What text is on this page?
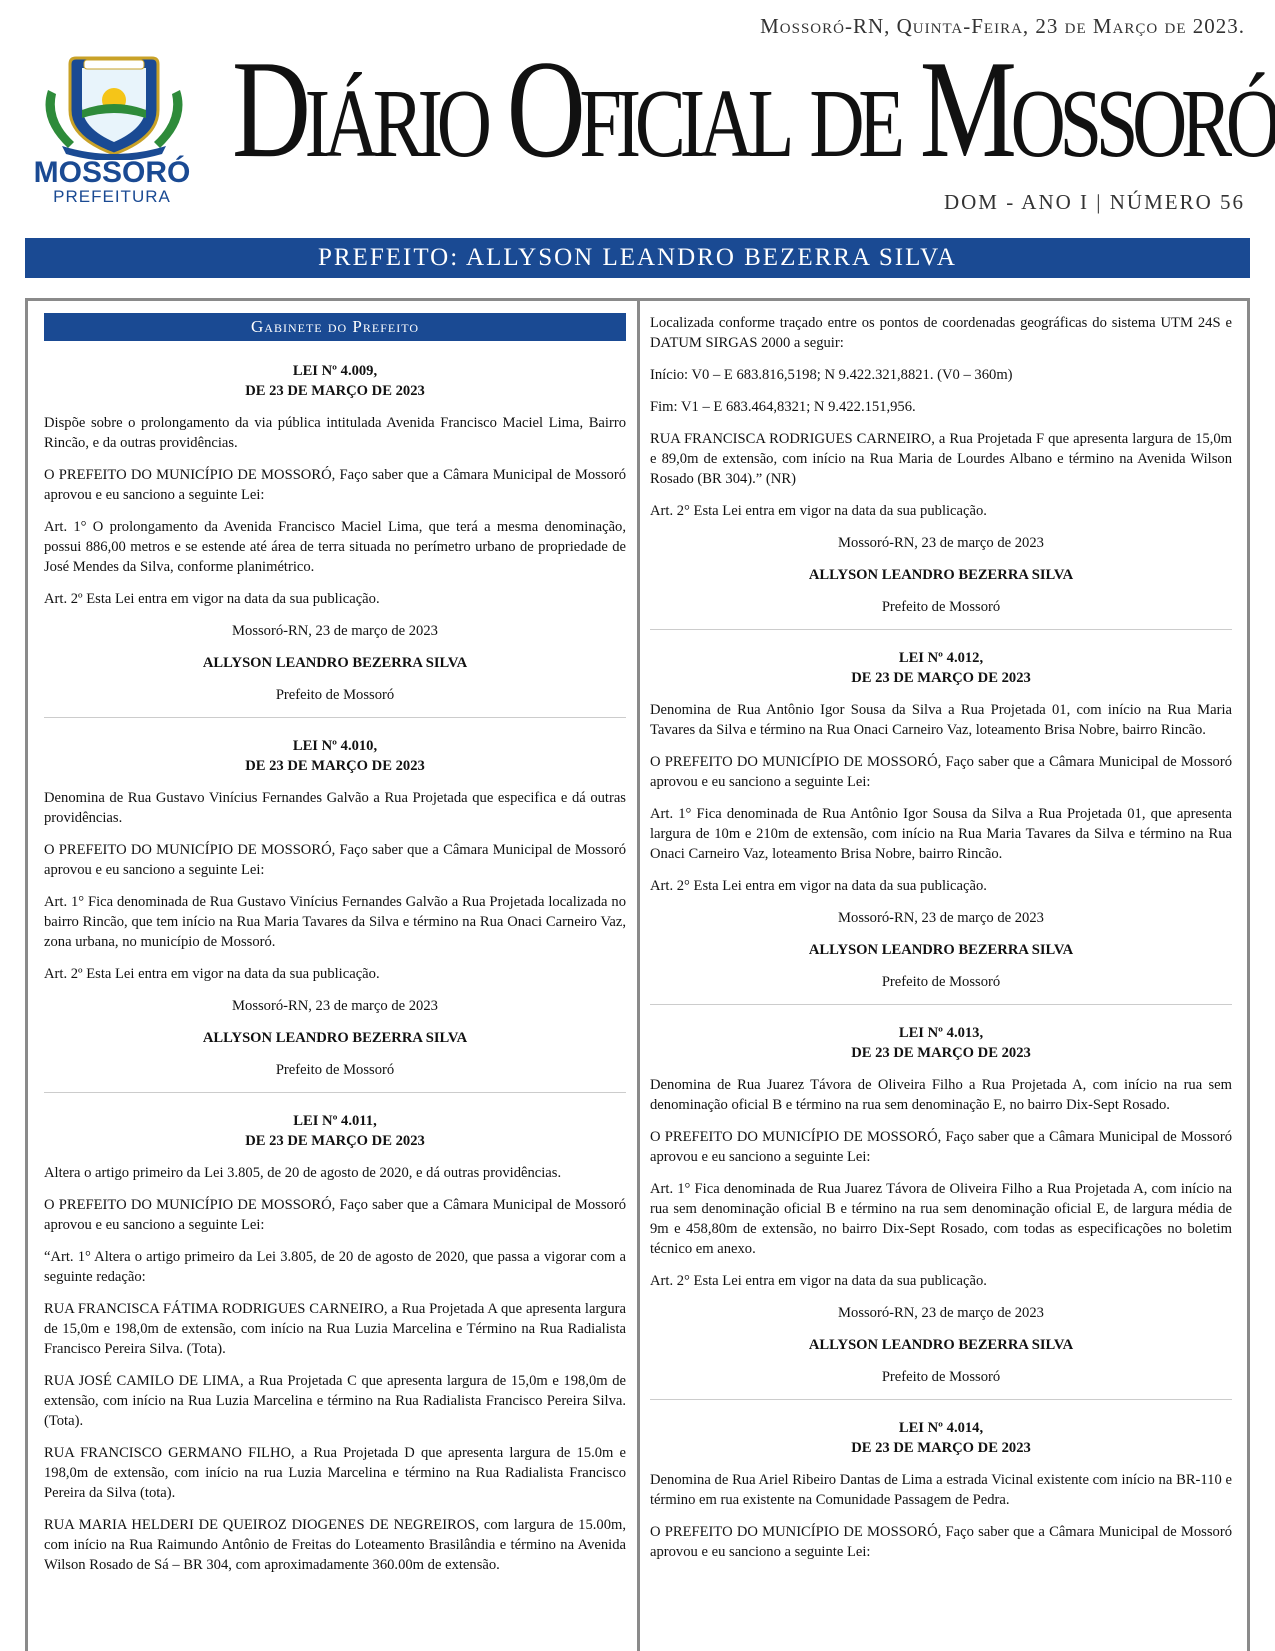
Mossoró-RN, Quinta-Feira, 23 de Março de 2023.
MOSSORÓ
PREFEITURA
Diário Oficial de Mossoró
DOM - ANO I | NÚMERO 56
PREFEITO: ALLYSON LEANDRO BEZERRA SILVA
Gabinete do Prefeito
LEI Nº 4.009,
DE 23 DE MARÇO DE 2023

Dispõe sobre o prolongamento da via pública intitulada Avenida Francisco Maciel Lima, Bairro Rincão, e da outras providências.

O PREFEITO DO MUNICÍPIO DE MOSSORÓ, Faço saber que a Câmara Municipal de Mossoró aprovou e eu sanciono a seguinte Lei:

Art. 1° O prolongamento da Avenida Francisco Maciel Lima, que terá a mesma denominação, possui 886,00 metros e se estende até área de terra situada no perímetro urbano de propriedade de José Mendes da Silva, conforme planimétrico.

Art. 2º Esta Lei entra em vigor na data da sua publicação.

Mossoró-RN, 23 de março de 2023

ALLYSON LEANDRO BEZERRA SILVA

Prefeito de Mossoró

LEI Nº 4.010,
DE 23 DE MARÇO DE 2023

Denomina de Rua Gustavo Vinícius Fernandes Galvão a Rua Projetada que especifica e dá outras providências.

O PREFEITO DO MUNICÍPIO DE MOSSORÓ, Faço saber que a Câmara Municipal de Mossoró aprovou e eu sanciono a seguinte Lei:

Art. 1° Fica denominada de Rua Gustavo Vinícius Fernandes Galvão a Rua Projetada localizada no bairro Rincão, que tem início na Rua Maria Tavares da Silva e término na Rua Onaci Carneiro Vaz, zona urbana, no município de Mossoró.

Art. 2º Esta Lei entra em vigor na data da sua publicação.

Mossoró-RN, 23 de março de 2023

ALLYSON LEANDRO BEZERRA SILVA

Prefeito de Mossoró

LEI Nº 4.011,
DE 23 DE MARÇO DE 2023

Altera o artigo primeiro da Lei 3.805, de 20 de agosto de 2020, e dá outras providências.

O PREFEITO DO MUNICÍPIO DE MOSSORÓ, Faço saber que a Câmara Municipal de Mossoró aprovou e eu sanciono a seguinte Lei:

“Art. 1° Altera o artigo primeiro da Lei 3.805, de 20 de agosto de 2020, que passa a vigorar com a seguinte redação:

RUA FRANCISCA FÁTIMA RODRIGUES CARNEIRO, a Rua Projetada A que apresenta largura de 15,0m e 198,0m de extensão, com início na Rua Luzia Marcelina e Término na Rua Radialista Francisco Pereira Silva. (Tota).

RUA JOSÉ CAMILO DE LIMA, a Rua Projetada C que apresenta largura de 15,0m e 198,0m de extensão, com início na Rua Luzia Marcelina e término na Rua Radialista Francisco Pereira Silva. (Tota).

RUA FRANCISCO GERMANO FILHO, a Rua Projetada D que apresenta largura de 15.0m e 198,0m de extensão, com início na rua Luzia Marcelina e término na Rua Radialista Francisco Pereira da Silva (tota).

RUA MARIA HELDERI DE QUEIROZ DIOGENES DE NEGREIROS, com largura de 15.00m, com início na Rua Raimundo Antônio de Freitas do Loteamento Brasilândia e término na Avenida Wilson Rosado de Sá – BR 304, com aproximadamente 360.00m de extensão.

Localizada conforme traçado entre os pontos de coordenadas geográficas do sistema UTM 24S e DATUM SIRGAS 2000 a seguir:

Início: V0 – E 683.816,5198; N 9.422.321,8821. (V0 – 360m)

Fim: V1 – E 683.464,8321; N 9.422.151,956.

RUA FRANCISCA RODRIGUES CARNEIRO, a Rua Projetada F que apresenta largura de 15,0m e 89,0m de extensão, com início na Rua Maria de Lourdes Albano e término na Avenida Wilson Rosado (BR 304).” (NR)

Art. 2° Esta Lei entra em vigor na data da sua publicação.

Mossoró-RN, 23 de março de 2023

ALLYSON LEANDRO BEZERRA SILVA

Prefeito de Mossoró

LEI Nº 4.012,
DE 23 DE MARÇO DE 2023

Denomina de Rua Antônio Igor Sousa da Silva a Rua Projetada 01, com início na Rua Maria Tavares da Silva e término na Rua Onaci Carneiro Vaz, loteamento Brisa Nobre, bairro Rincão.

O PREFEITO DO MUNICÍPIO DE MOSSORÓ, Faço saber que a Câmara Municipal de Mossoró aprovou e eu sanciono a seguinte Lei:

Art. 1° Fica denominada de Rua Antônio Igor Sousa da Silva a Rua Projetada 01, que apresenta largura de 10m e 210m de extensão, com início na Rua Maria Tavares da Silva e término na Rua Onaci Carneiro Vaz, loteamento Brisa Nobre, bairro Rincão.

Art. 2° Esta Lei entra em vigor na data da sua publicação.

Mossoró-RN, 23 de março de 2023

ALLYSON LEANDRO BEZERRA SILVA

Prefeito de Mossoró

LEI Nº 4.013,
DE 23 DE MARÇO DE 2023

Denomina de Rua Juarez Távora de Oliveira Filho a Rua Projetada A, com início na rua sem denominação oficial B e término na rua sem denominação E, no bairro Dix-Sept Rosado.

O PREFEITO DO MUNICÍPIO DE MOSSORÓ, Faço saber que a Câmara Municipal de Mossoró aprovou e eu sanciono a seguinte Lei:

Art. 1° Fica denominada de Rua Juarez Távora de Oliveira Filho a Rua Projetada A, com início na rua sem denominação oficial B e término na rua sem denominação oficial E, de largura média de 9m e 458,80m de extensão, no bairro Dix-Sept Rosado, com todas as especificações no boletim técnico em anexo.

Art. 2° Esta Lei entra em vigor na data da sua publicação.

Mossoró-RN, 23 de março de 2023

ALLYSON LEANDRO BEZERRA SILVA

Prefeito de Mossoró

LEI Nº 4.014,
DE 23 DE MARÇO DE 2023

Denomina de Rua Ariel Ribeiro Dantas de Lima a estrada Vicinal existente com início na BR-110 e término em rua existente na Comunidade Passagem de Pedra.

O PREFEITO DO MUNICÍPIO DE MOSSORÓ, Faço saber que a Câmara Municipal de Mossoró aprovou e eu sanciono a seguinte Lei:
